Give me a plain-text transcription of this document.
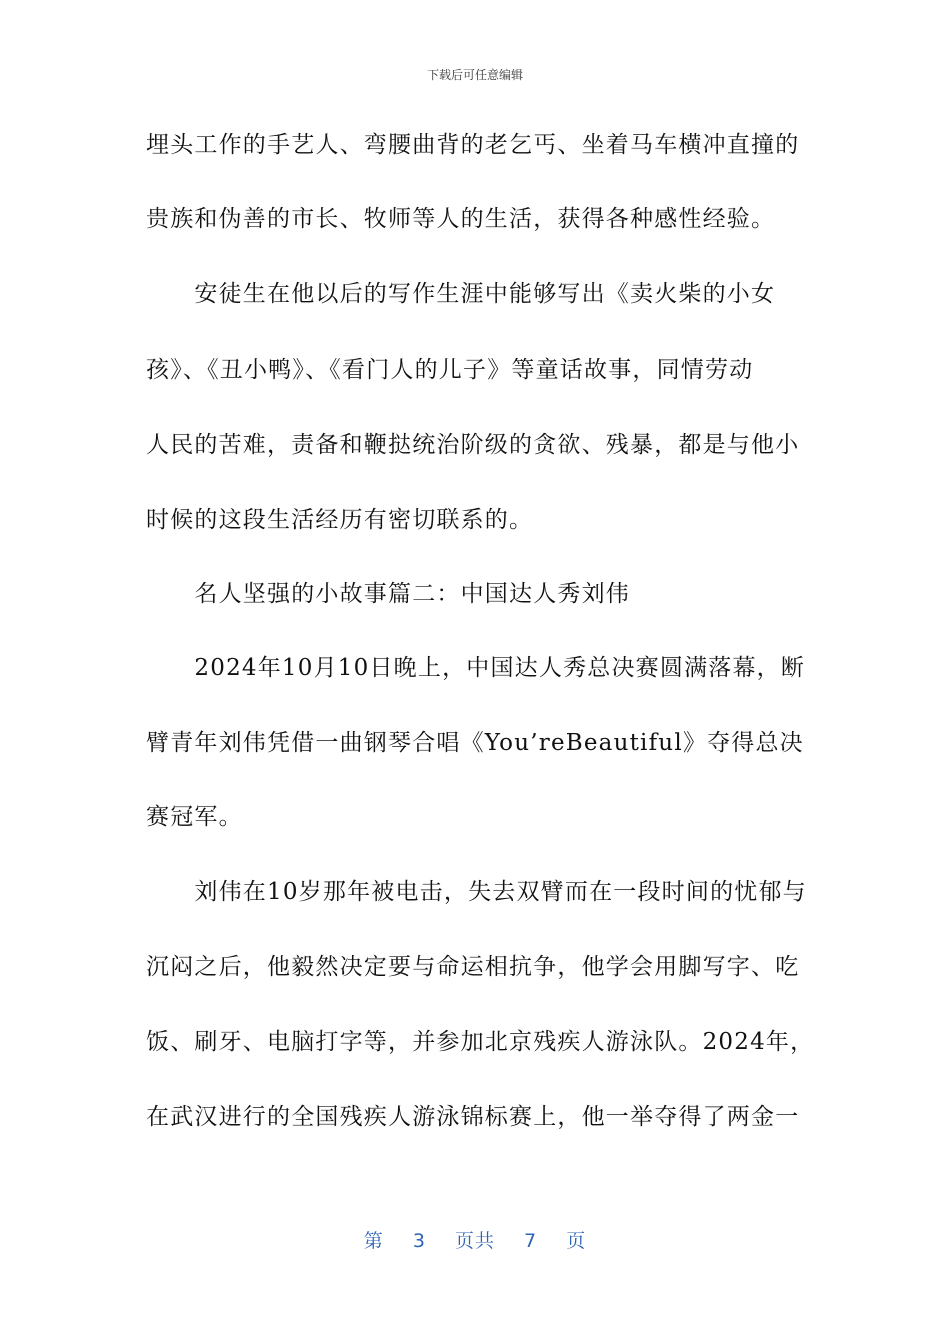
下载后可任意编辑
埋头工作的手艺人、弯腰曲背的老乞丐、坐着马车横冲直撞的
贵族和伪善的市长、牧师等人的生活，获得各种感性经验。
　　安徒生在他以后的写作生涯中能够写出《卖火柴的小女
孩》、《丑小鸭》、《看门人的儿子》等童话故事，同情劳动
人民的苦难，责备和鞭挞统治阶级的贪欲、残暴，都是与他小
时候的这段生活经历有密切联系的。
　　名人坚强的小故事篇二：中国达人秀刘伟
　　2024年10月10日晚上，中国达人秀总决赛圆满落幕，断
臂青年刘伟凭借一曲钢琴合唱《You’reBeautiful》夺得总决
赛冠军。
　　刘伟在10岁那年被电击，失去双臂而在一段时间的忧郁与
沉闷之后，他毅然决定要与命运相抗争，他学会用脚写字、吃
饭、刷牙、电脑打字等，并参加北京残疾人游泳队。2024年，
在武汉进行的全国残疾人游泳锦标赛上，他一举夺得了两金一
第 3 页共 7 页
